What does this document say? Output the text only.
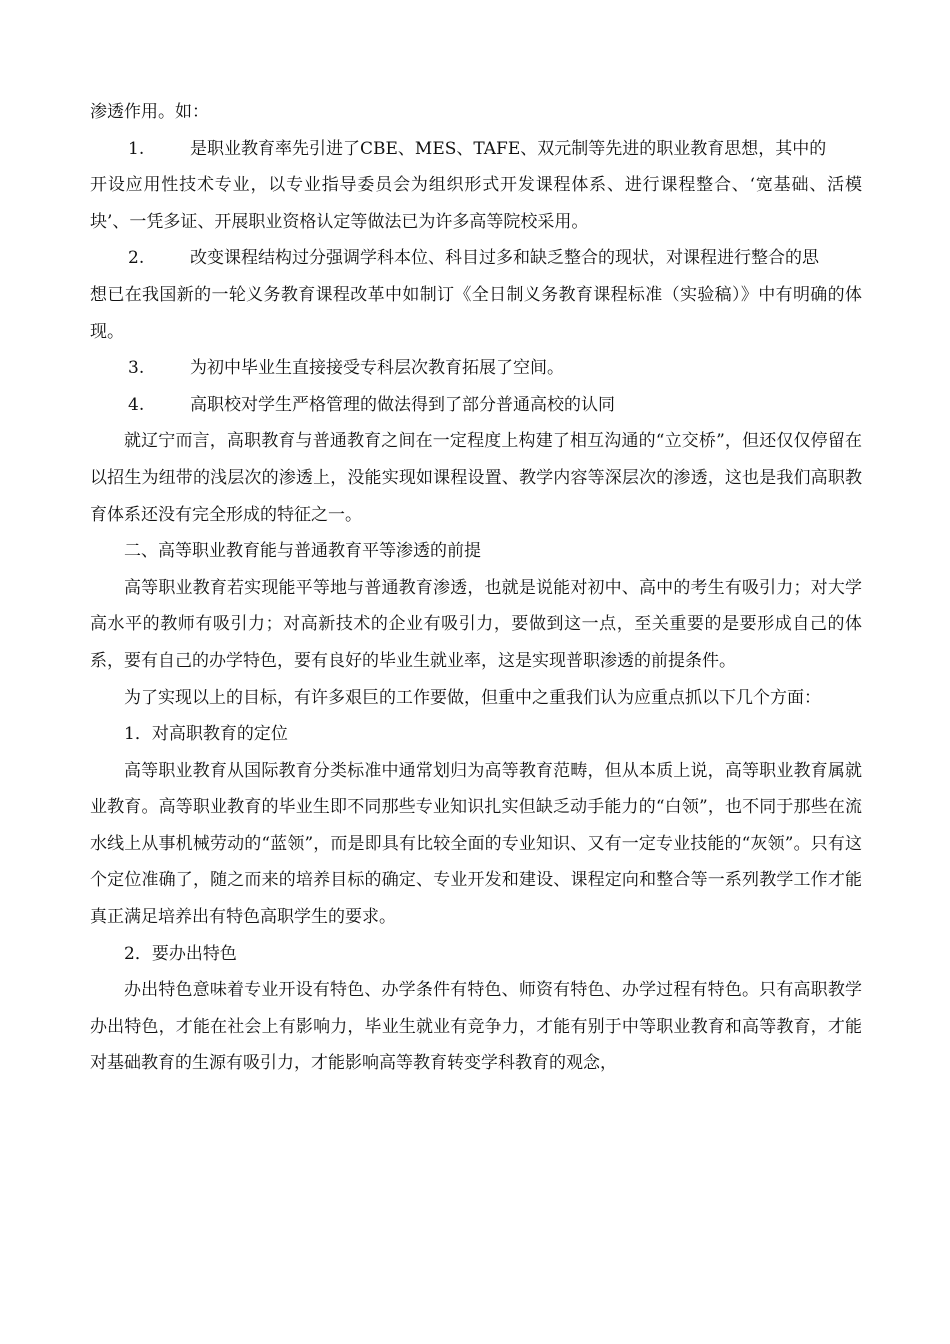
渗透作用。如：

1.	是职业教育率先引进了CBE、MES、TAFE、双元制等先进的职业教育思想，其中的

开设应用性技术专业，以专业指导委员会为组织形式开发课程体系、进行课程整合、‘宽基础、活模块’、一凭多证、开展职业资格认定等做法已为许多高等院校采用。

2.	改变课程结构过分强调学科本位、科目过多和缺乏整合的现状，对课程进行整合的思

想已在我国新的一轮义务教育课程改革中如制订《全日制义务教育课程标准（实验稿）》中有明确的体现。

3.	为初中毕业生直接接受专科层次教育拓展了空间。
4.	高职校对学生严格管理的做法得到了部分普通高校的认同

就辽宁而言，高职教育与普通教育之间在一定程度上构建了相互沟通的“立交桥”，但还仅仅停留在以招生为纽带的浅层次的渗透上，没能实现如课程设置、教学内容等深层次的渗透，这也是我们高职教育体系还没有完全形成的特征之一。

二、高等职业教育能与普通教育平等渗透的前提

高等职业教育若实现能平等地与普通教育渗透，也就是说能对初中、高中的考生有吸引力；对大学高水平的教师有吸引力；对高新技术的企业有吸引力，要做到这一点，至关重要的是要形成自己的体系，要有自己的办学特色，要有良好的毕业生就业率，这是实现普职渗透的前提条件。

为了实现以上的目标，有许多艰巨的工作要做，但重中之重我们认为应重点抓以下几个方面：

1．对高职教育的定位

高等职业教育从国际教育分类标准中通常划归为高等教育范畴，但从本质上说，高等职业教育属就业教育。高等职业教育的毕业生即不同那些专业知识扎实但缺乏动手能力的“白领”，也不同于那些在流水线上从事机械劳动的“蓝领”，而是即具有比较全面的专业知识、又有一定专业技能的“灰领”。只有这个定位准确了，随之而来的培养目标的确定、专业开发和建设、课程定向和整合等一系列教学工作才能真正满足培养出有特色高职学生的要求。

2．要办出特色

办出特色意味着专业开设有特色、办学条件有特色、师资有特色、办学过程有特色。只有高职教学办出特色，才能在社会上有影响力，毕业生就业有竞争力，才能有别于中等职业教育和高等教育，才能对基础教育的生源有吸引力，才能影响高等教育转变学科教育的观念，
